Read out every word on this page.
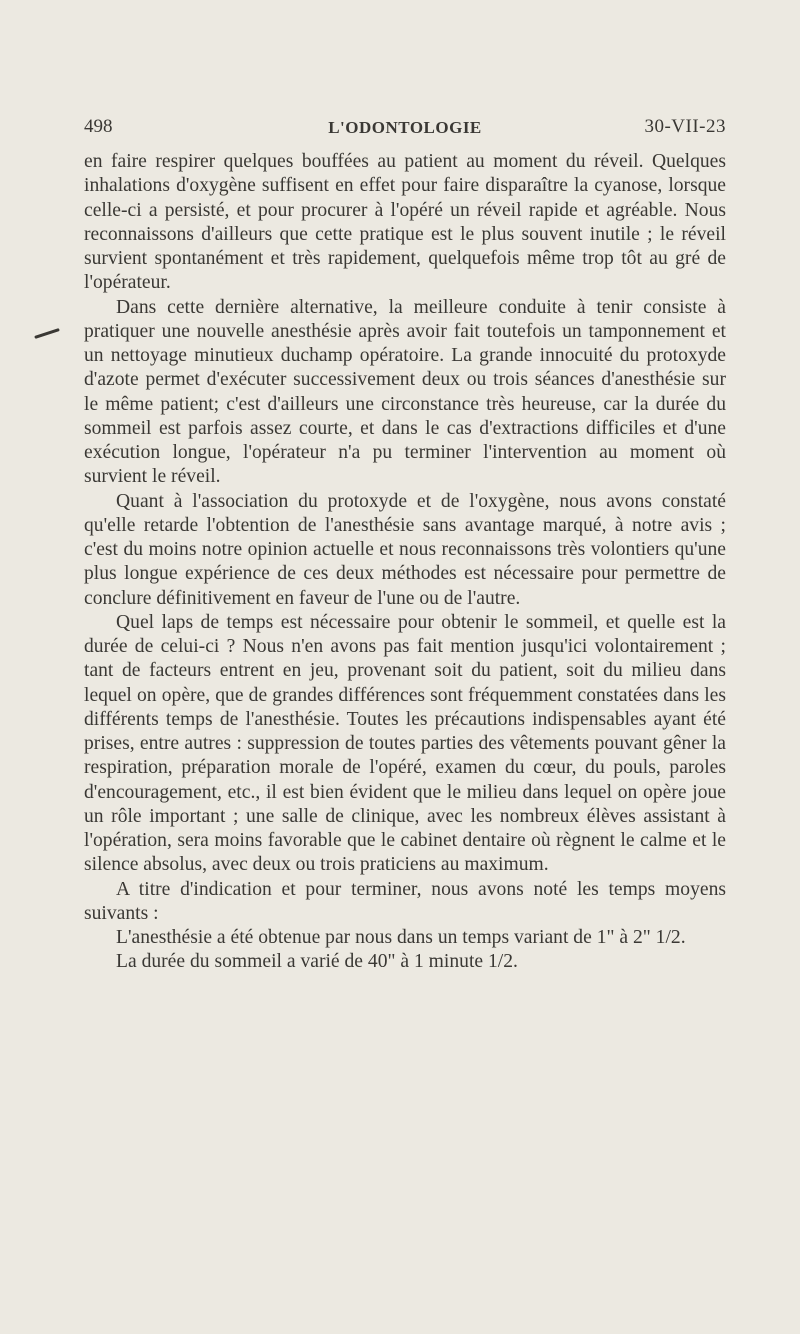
498	L'ODONTOLOGIE	30-VII-23

en faire respirer quelques bouffées au patient au moment du réveil. Quelques inhalations d'oxygène suffisent en effet pour faire disparaître la cyanose, lorsque celle-ci a persisté, et pour procurer à l'opéré un réveil rapide et agréable. Nous reconnaissons d'ailleurs que cette pratique est le plus souvent inutile ; le réveil survient spontanément et très rapidement, quelquefois même trop tôt au gré de l'opérateur.

Dans cette dernière alternative, la meilleure conduite à tenir consiste à pratiquer une nouvelle anesthésie après avoir fait toutefois un tamponnement et un nettoyage minutieux duchamp opératoire. La grande innocuité du protoxyde d'azote permet d'exécuter successivement deux ou trois séances d'anesthésie sur le même patient; c'est d'ailleurs une circonstance très heureuse, car la durée du sommeil est parfois assez courte, et dans le cas d'extractions difficiles et d'une exécution longue, l'opérateur n'a pu terminer l'intervention au moment où survient le réveil.

Quant à l'association du protoxyde et de l'oxygène, nous avons constaté qu'elle retarde l'obtention de l'anesthésie sans avantage marqué, à notre avis ; c'est du moins notre opinion actuelle et nous reconnaissons très volontiers qu'une plus longue expérience de ces deux méthodes est nécessaire pour permettre de conclure définitivement en faveur de l'une ou de l'autre.

Quel laps de temps est nécessaire pour obtenir le sommeil, et quelle est la durée de celui-ci ? Nous n'en avons pas fait mention jusqu'ici volontairement ; tant de facteurs entrent en jeu, provenant soit du patient, soit du milieu dans lequel on opère, que de grandes différences sont fréquemment constatées dans les différents temps de l'anesthésie. Toutes les précautions indispensables ayant été prises, entre autres : suppression de toutes parties des vêtements pouvant gêner la respiration, préparation morale de l'opéré, examen du cœur, du pouls, paroles d'encouragement, etc., il est bien évident que le milieu dans lequel on opère joue un rôle important ; une salle de clinique, avec les nombreux élèves assistant à l'opération, sera moins favorable que le cabinet dentaire où règnent le calme et le silence absolus, avec deux ou trois praticiens au maximum.

A titre d'indication et pour terminer, nous avons noté les temps moyens suivants :

L'anesthésie a été obtenue par nous dans un temps variant de 1" à 2" 1/2.

La durée du sommeil a varié de 40" à 1 minute 1/2.
